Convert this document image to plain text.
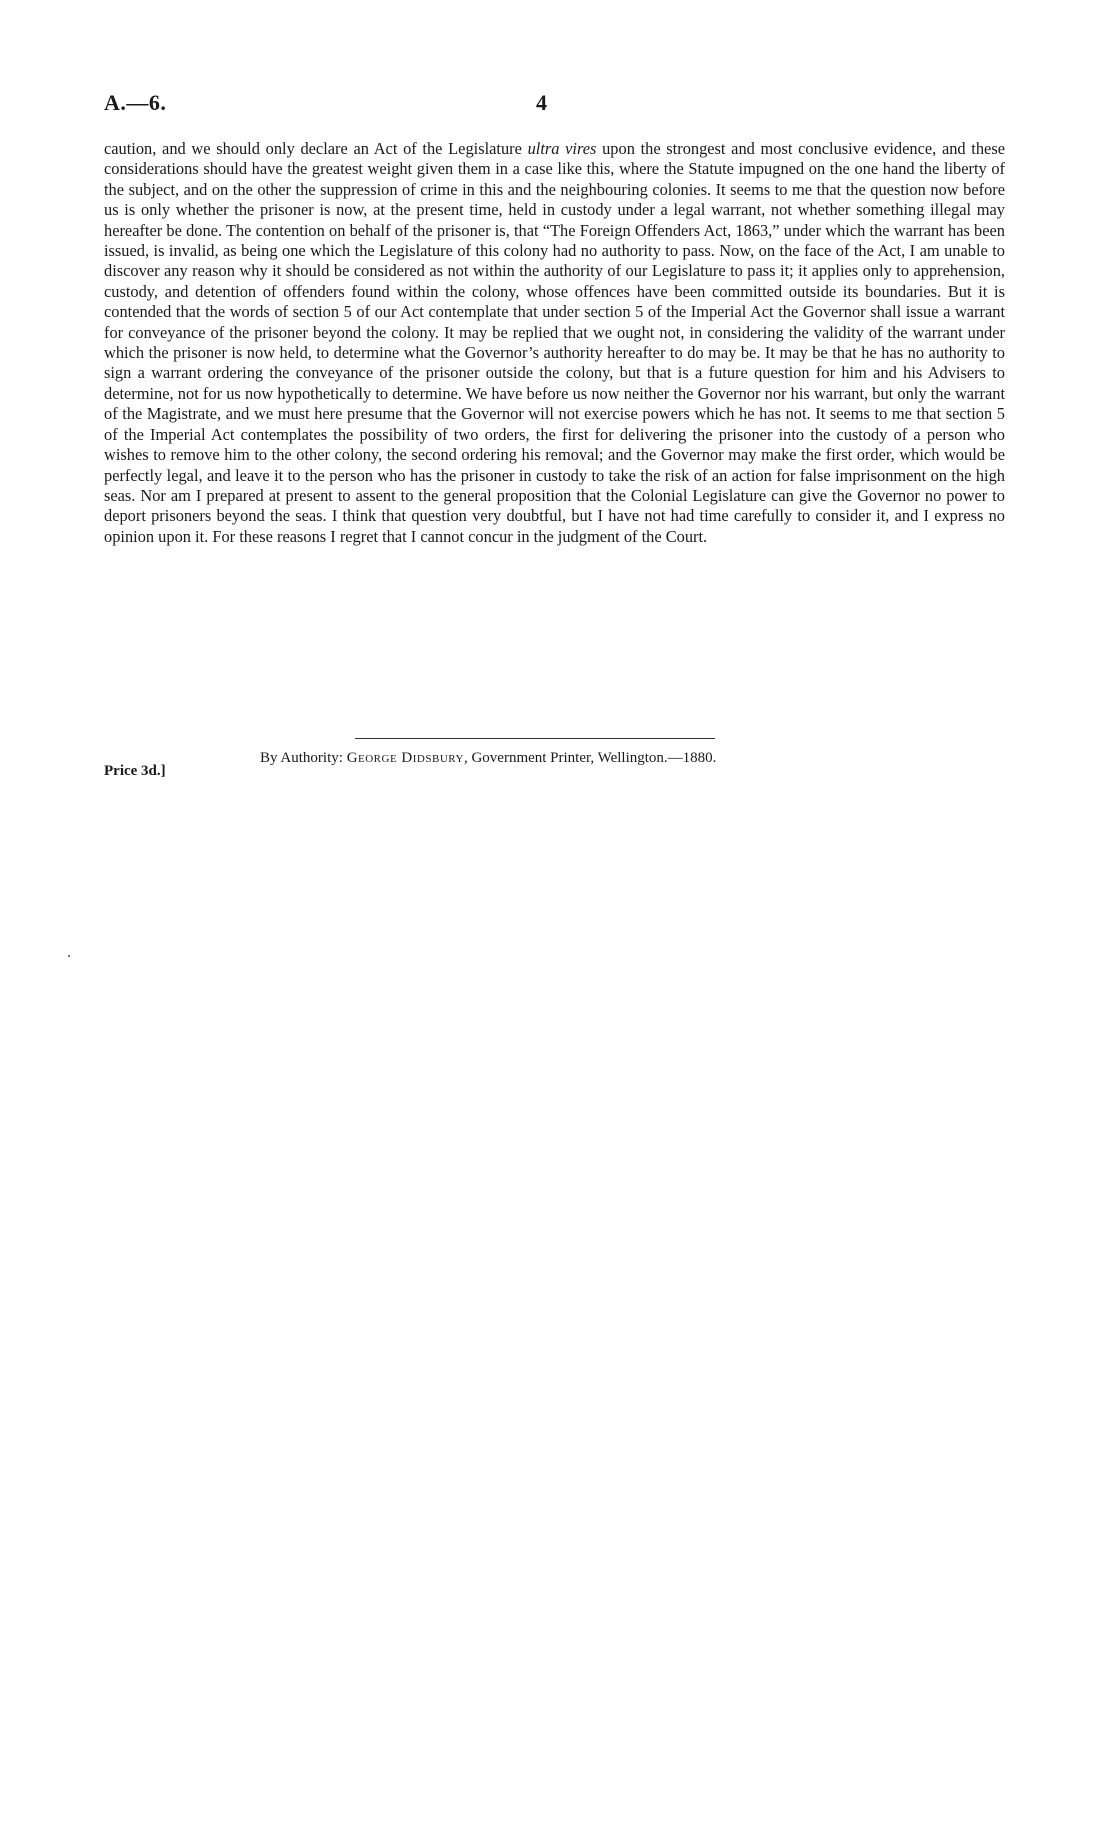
A.—6.	4

caution, and we should only declare an Act of the Legislature ultra vires upon the strongest and most conclusive evidence, and these considerations should have the greatest weight given them in a case like this, where the Statute impugned on the one hand the liberty of the subject, and on the other the suppression of crime in this and the neighbouring colonies. It seems to me that the question now before us is only whether the prisoner is now, at the present time, held in custody under a legal warrant, not whether something illegal may hereafter be done. The contention on behalf of the prisoner is, that “The Foreign Offenders Act, 1863,” under which the warrant has been issued, is invalid, as being one which the Legislature of this colony had no authority to pass. Now, on the face of the Act, I am unable to discover any reason why it should be considered as not within the authority of our Legislature to pass it; it applies only to apprehension, custody, and detention of offenders found within the colony, whose offences have been committed outside its boundaries. But it is contended that the words of section 5 of our Act contemplate that under section 5 of the Imperial Act the Governor shall issue a warrant for conveyance of the prisoner beyond the colony. It may be replied that we ought not, in considering the validity of the warrant under which the prisoner is now held, to determine what the Governor’s authority hereafter to do may be. It may be that he has no authority to sign a warrant ordering the conveyance of the prisoner outside the colony, but that is a future question for him and his Advisers to determine, not for us now hypothetically to determine. We have before us now neither the Governor nor his warrant, but only the warrant of the Magistrate, and we must here presume that the Governor will not exercise powers which he has not. It seems to me that section 5 of the Imperial Act contemplates the possibility of two orders, the first for delivering the prisoner into the custody of a person who wishes to remove him to the other colony, the second ordering his removal; and the Governor may make the first order, which would be perfectly legal, and leave it to the person who has the prisoner in custody to take the risk of an action for false imprisonment on the high seas. Nor am I prepared at present to assent to the general proposition that the Colonial Legislature can give the Governor no power to deport prisoners beyond the seas. I think that question very doubtful, but I have not had time carefully to consider it, and I express no opinion upon it. For these reasons I regret that I cannot concur in the judgment of the Court.

By Authority: George Didsbury, Government Printer, Wellington.—1880.
Price 3d.]
